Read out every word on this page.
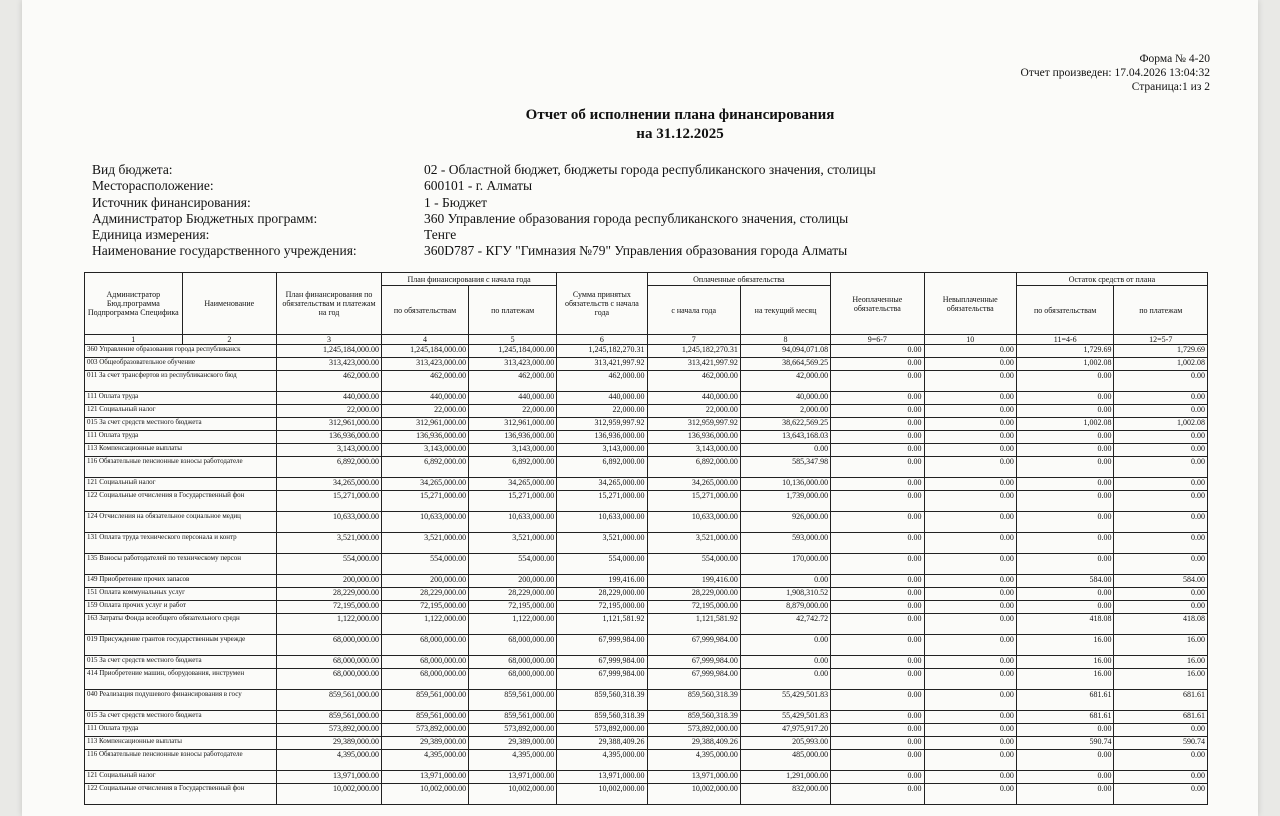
Форма № 4-20
Отчет произведен: 17.04.2026 13:04:32
Страница:1 из 2
Отчет об исполнении плана финансирования
на 31.12.2025
Вид бюджета:	02 - Областной бюджет, бюджеты города республиканского значения, столицы
Месторасположение:	600101 - г. Алматы
Источник финансирования:	1 - Бюджет
Администратор Бюджетных программ:	360 Управление образования города республиканского значения, столицы
Единица измерения:	Тенге
Наименование государственного учреждения:	360D787 - КГУ "Гимназия №79" Управления образования города Алматы
Администратор Бюд.программа Подпрограмма Специфика	Наименование	План финансирования по обязательствам и платежам на год	План финансирования с начала года		Сумма принятых обязательств с начала года	Оплаченные обязательства		Неоплаченные обязательства	Невыплаченные обязательства	Остаток средств от плана	
			по обязательствам	по платежам		с начала года	на текущий месяц			по обязательствам	по платежам
1	2	3	4	5	6	7	8	9=6-7	10	11=4-6	12=5-7
360 Управление образования города республиканск		1,245,184,000.00	1,245,184,000.00	1,245,184,000.00	1,245,182,270.31	1,245,182,270.31	94,094,071.08	0.00	0.00	1,729.69	1,729.69
003 Общеобразовательное обучение		313,423,000.00	313,423,000.00	313,423,000.00	313,421,997.92	313,421,997.92	38,664,569.25	0.00	0.00	1,002.08	1,002.08
011 За счет трансфертов из республиканского бюд		462,000.00	462,000.00	462,000.00	462,000.00	462,000.00	42,000.00	0.00	0.00	0.00	0.00
111 Оплата труда		440,000.00	440,000.00	440,000.00	440,000.00	440,000.00	40,000.00	0.00	0.00	0.00	0.00
121 Социальный налог		22,000.00	22,000.00	22,000.00	22,000.00	22,000.00	2,000.00	0.00	0.00	0.00	0.00
015 За счет средств местного бюджета		312,961,000.00	312,961,000.00	312,961,000.00	312,959,997.92	312,959,997.92	38,622,569.25	0.00	0.00	1,002.08	1,002.08
111 Оплата труда		136,936,000.00	136,936,000.00	136,936,000.00	136,936,000.00	136,936,000.00	13,643,168.03	0.00	0.00	0.00	0.00
113 Компенсационные выплаты		3,143,000.00	3,143,000.00	3,143,000.00	3,143,000.00	3,143,000.00	0.00	0.00	0.00	0.00	0.00
116 Обязательные пенсионные взносы работодателе		6,892,000.00	6,892,000.00	6,892,000.00	6,892,000.00	6,892,000.00	585,347.98	0.00	0.00	0.00	0.00
121 Социальный налог		34,265,000.00	34,265,000.00	34,265,000.00	34,265,000.00	34,265,000.00	10,136,000.00	0.00	0.00	0.00	0.00
122 Социальные отчисления в Государственный фон		15,271,000.00	15,271,000.00	15,271,000.00	15,271,000.00	15,271,000.00	1,739,000.00	0.00	0.00	0.00	0.00
124 Отчисления на обязательное социальное медиц		10,633,000.00	10,633,000.00	10,633,000.00	10,633,000.00	10,633,000.00	926,000.00	0.00	0.00	0.00	0.00
131 Оплата труда технического персонала и контр		3,521,000.00	3,521,000.00	3,521,000.00	3,521,000.00	3,521,000.00	593,000.00	0.00	0.00	0.00	0.00
135 Взносы работодателей по техническому персон		554,000.00	554,000.00	554,000.00	554,000.00	554,000.00	170,000.00	0.00	0.00	0.00	0.00
149 Приобретение прочих запасов		200,000.00	200,000.00	200,000.00	199,416.00	199,416.00	0.00	0.00	0.00	584.00	584.00
151 Оплата коммунальных услуг		28,229,000.00	28,229,000.00	28,229,000.00	28,229,000.00	28,229,000.00	1,908,310.52	0.00	0.00	0.00	0.00
159 Оплата прочих услуг и работ		72,195,000.00	72,195,000.00	72,195,000.00	72,195,000.00	72,195,000.00	8,879,000.00	0.00	0.00	0.00	0.00
163 Затраты Фонда всеобщего обязательного средн		1,122,000.00	1,122,000.00	1,122,000.00	1,121,581.92	1,121,581.92	42,742.72	0.00	0.00	418.08	418.08
019 Присуждение грантов государственным учрежде		68,000,000.00	68,000,000.00	68,000,000.00	67,999,984.00	67,999,984.00	0.00	0.00	0.00	16.00	16.00
015 За счет средств местного бюджета		68,000,000.00	68,000,000.00	68,000,000.00	67,999,984.00	67,999,984.00	0.00	0.00	0.00	16.00	16.00
414 Приобретение машин, оборудования, инструмен		68,000,000.00	68,000,000.00	68,000,000.00	67,999,984.00	67,999,984.00	0.00	0.00	0.00	16.00	16.00
040 Реализация подушевого финансирования в госу		859,561,000.00	859,561,000.00	859,561,000.00	859,560,318.39	859,560,318.39	55,429,501.83	0.00	0.00	681.61	681.61
015 За счет средств местного бюджета		859,561,000.00	859,561,000.00	859,561,000.00	859,560,318.39	859,560,318.39	55,429,501.83	0.00	0.00	681.61	681.61
111 Оплата труда		573,892,000.00	573,892,000.00	573,892,000.00	573,892,000.00	573,892,000.00	47,975,917.20	0.00	0.00	0.00	0.00
113 Компенсационные выплаты		29,389,000.00	29,389,000.00	29,389,000.00	29,388,409.26	29,388,409.26	205,993.00	0.00	0.00	590.74	590.74
116 Обязательные пенсионные взносы работодателе		4,395,000.00	4,395,000.00	4,395,000.00	4,395,000.00	4,395,000.00	485,000.00	0.00	0.00	0.00	0.00
121 Социальный налог		13,971,000.00	13,971,000.00	13,971,000.00	13,971,000.00	13,971,000.00	1,291,000.00	0.00	0.00	0.00	0.00
122 Социальные отчисления в Государственный фон		10,002,000.00	10,002,000.00	10,002,000.00	10,002,000.00	10,002,000.00	832,000.00	0.00	0.00	0.00	0.00
